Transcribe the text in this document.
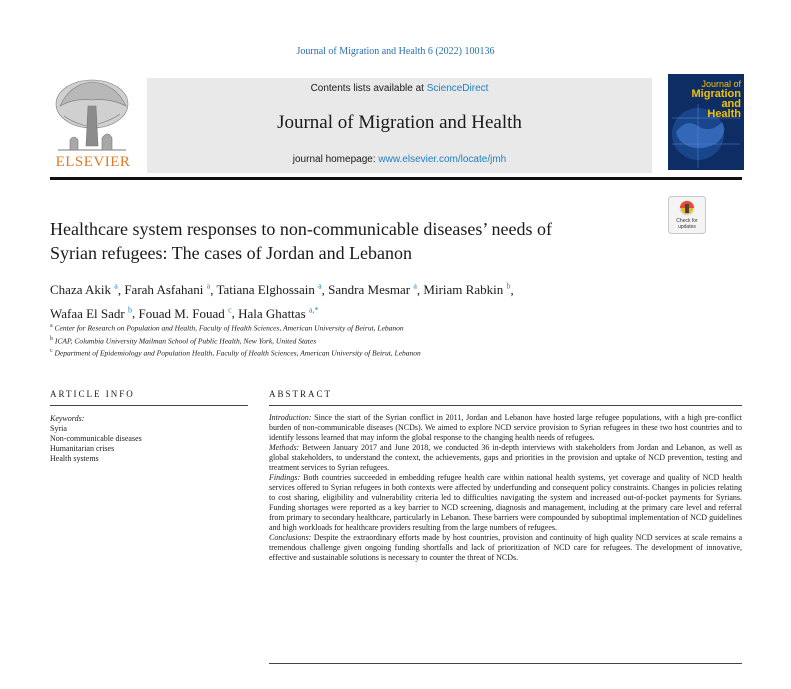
Journal of Migration and Health 6 (2022) 100136
ELSEVIER
Contents lists available at ScienceDirect
Journal of Migration and Health
journal homepage: www.elsevier.com/locate/jmh
Journal of
Migration and
Health
Healthcare system responses to non-communicable diseases’ needs of
Syrian refugees: The cases of Jordan and Lebanon
Check for
updates
Chaza Akik $^a$, Farah Asfahani $^a$, Tatiana Elghossain $^a$, Sandra Mesmar $^a$, Miriam Rabkin $^b$,
Wafaa El Sadr $^b$, Fouad M. Fouad $^c$, Hala Ghattas $^{a,*}$
$^a$ Center for Research on Population and Health, Faculty of Health Sciences, American University of Beirut, Lebanon
$^b$ ICAP, Columbia University Mailman School of Public Health, New York, United States
$^c$ Department of Epidemiology and Population Health, Faculty of Health Sciences, American University of Beirut, Lebanon
ARTICLE INFO
Keywords:
Syria
Non-communicable diseases
Humanitarian crises
Health systems
ABSTRACT

Introduction: Since the start of the Syrian conflict in 2011, Jordan and Lebanon have hosted large refugee populations, with a high pre-conflict burden of non-communicable diseases (NCDs). We aimed to explore NCD service provision to Syrian refugees in these two host countries and to identify lessons learned that may inform the global response to the changing health needs of refugees.

Methods: Between January 2017 and June 2018, we conducted 36 in-depth interviews with stakeholders from Jordan and Lebanon, as well as global stakeholders, to understand the context, the achievements, gaps and priorities in the provision and uptake of NCD prevention, testing and treatment services to Syrian refugees.

Findings: Both countries succeeded in embedding refugee health care within national health systems, yet coverage and quality of NCD health services offered to Syrian refugees in both contexts were affected by underfunding and consequent policy constraints. Changes in policies relating to cost sharing, eligibility and vulnerability criteria led to difficulties navigating the system and increased out-of-pocket payments for Syrians. Funding shortages were reported as a key barrier to NCD screening, diagnosis and management, including at the primary care level and referral from primary to secondary healthcare, particularly in Lebanon. These barriers were compounded by suboptimal implementation of NCD guidelines and high workloads for healthcare providers resulting from the large numbers of refugees.

Conclusions: Despite the extraordinary efforts made by host countries, provision and continuity of high quality NCD services at scale remains a tremendous challenge given ongoing funding shortfalls and lack of prioritization of NCD care for refugees. The development of innovative, effective and sustainable solutions is necessary to counter the threat of NCDs.
